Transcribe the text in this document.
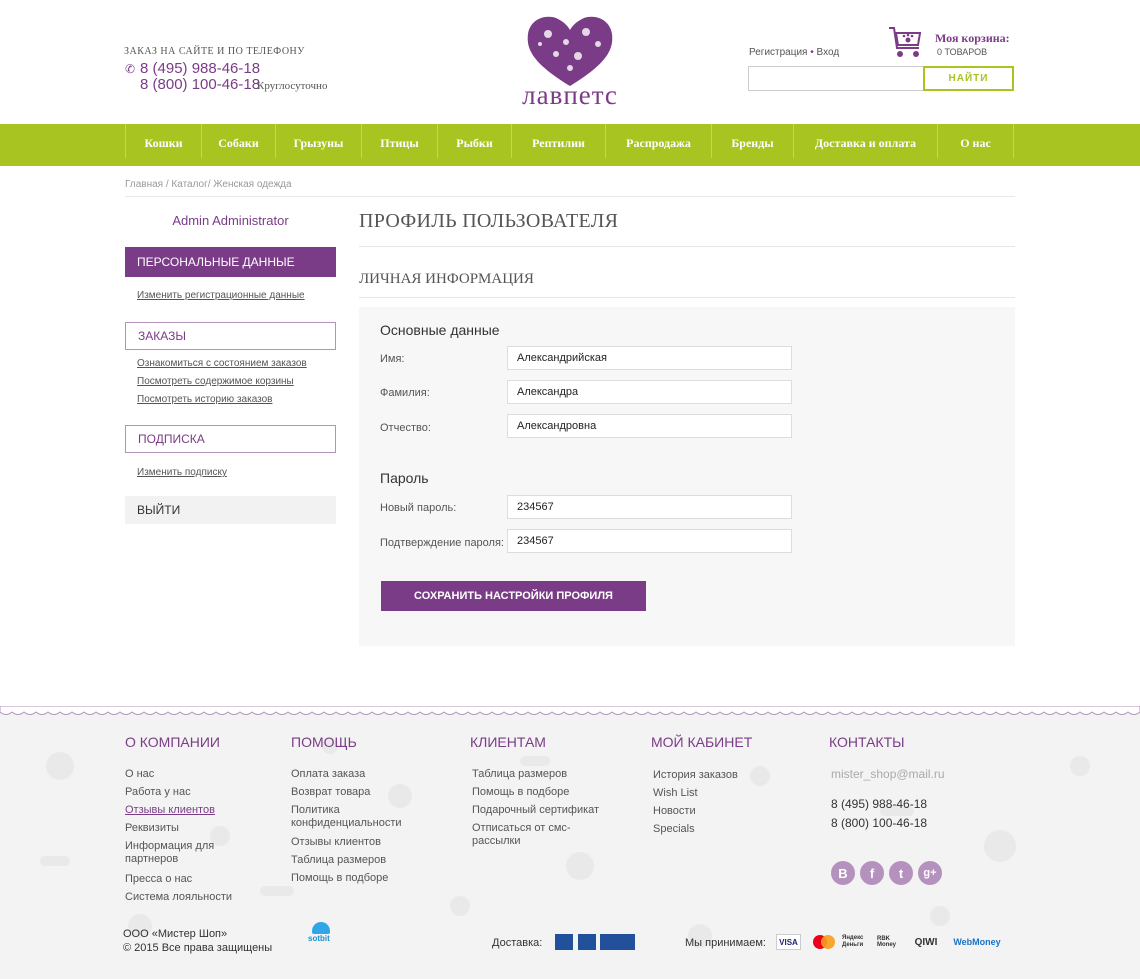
ЗАКАЗ НА САЙТЕ И ПО ТЕЛЕФОНУ
✆ 8 (495) 988-46-18
8 (800) 100-46-18
Круглосуточно	лавпетс
Регистрация • Вход
Моя корзина:
0 ТОВАРОВ
НАЙТИ
Кошки	Собаки	Грызуны	Птицы	Рыбки	Рептилии	Распродажа	Бренды	Доставка и оплата	О нас
Главная / Каталог/ Женская одежда
Admin Administrator
ПЕРСОНАЛЬНЫЕ ДАННЫЕ
Изменить регистрационные данные
ЗАКАЗЫ
Ознакомиться с состоянием заказов
Посмотреть содержимое корзины
Посмотреть историю заказов
ПОДПИСКА
Изменить подписку
ВЫЙТИ
ПРОФИЛЬ ПОЛЬЗОВАТЕЛЯ
ЛИЧНАЯ ИНФОРМАЦИЯ
Основные данные
Имя:
Александрийская
Фамилия:
Александра
Отчество:
Александровна
Пароль
Новый пароль:
234567
Подтверждение пароля:
234567
СОХРАНИТЬ НАСТРОЙКИ ПРОФИЛЯ
О КОМПАНИИ
О нас
Работа у нас
Отзывы клиентов
Реквизиты
Информация для партнеров
Пресса о нас
Система лояльности
ПОМОЩЬ
Оплата заказа
Возврат товара
Политика конфиденциальности
Отзывы клиентов
Таблица размеров
Помощь в подборе
КЛИЕНТАМ
Таблица размеров
Помощь в подборе
Подарочный сертификат
Отписаться от смс-рассылки
МОЙ КАБИНЕТ
История заказов
Wish List
Новости
Specials
КОНТАКТЫ
mister_shop@mail.ru
8 (495) 988-46-18
8 (800) 100-46-18
В	f	t	g+
ООО «Мистер Шоп»
© 2015 Все права защищены
sotbit	Доставка:	Мы принимаем:	VISA	Яндекс Деньги
RBK Money	QIWI	WebMoney
